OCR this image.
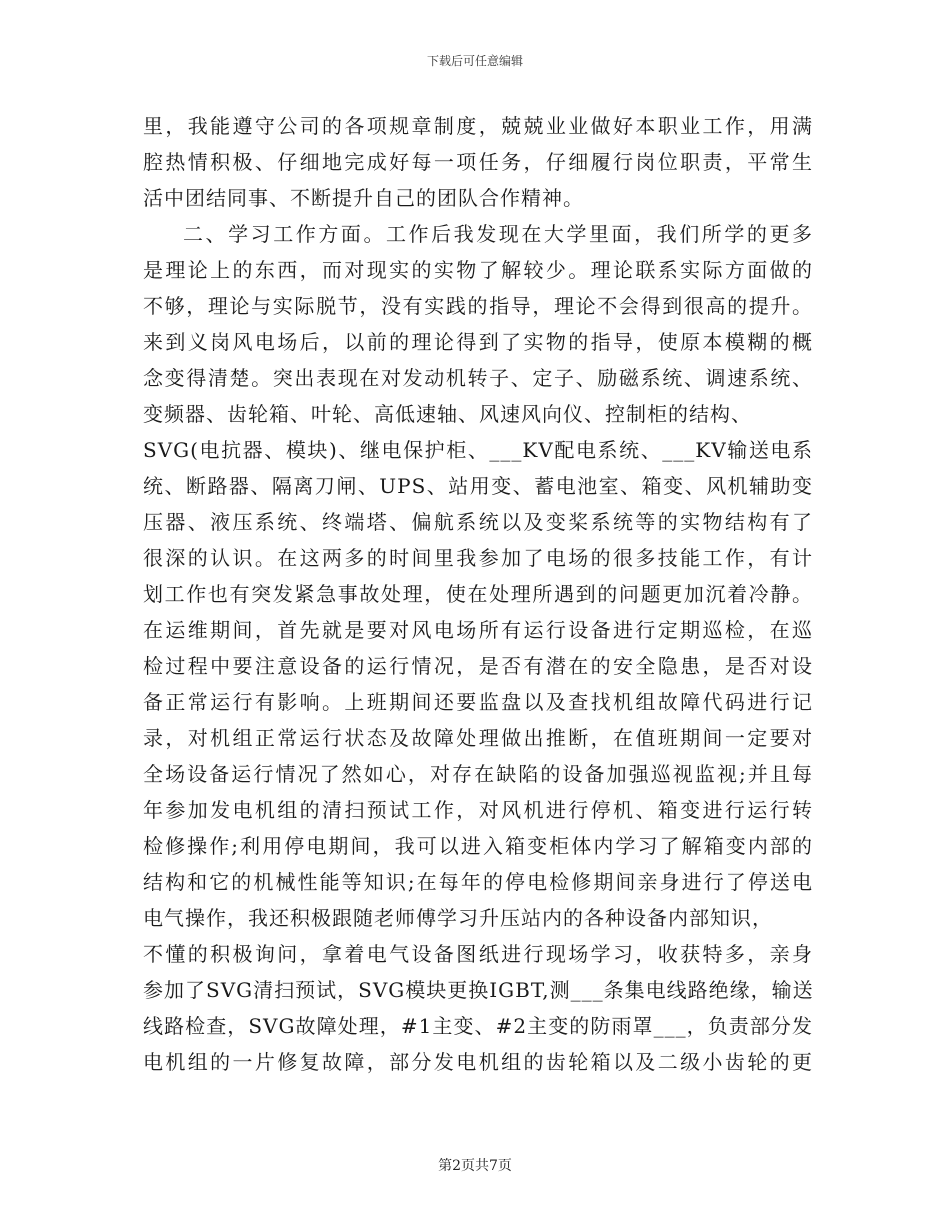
下载后可任意编辑
里，我能遵守公司的各项规章制度，兢兢业业做好本职业工作，用满
腔热情积极、仔细地完成好每一项任务，仔细履行岗位职责，平常生
活中团结同事、不断提升自己的团队合作精神。
二、学习工作方面。工作后我发现在大学里面，我们所学的更多
是理论上的东西，而对现实的实物了解较少。理论联系实际方面做的
不够，理论与实际脱节，没有实践的指导，理论不会得到很高的提升。
来到义岗风电场后，以前的理论得到了实物的指导，使原本模糊的概
念变得清楚。突出表现在对发动机转子、定子、励磁系统、调速系统、
变频器、齿轮箱、叶轮、高低速轴、风速风向仪、控制柜的结构、
SVG(电抗器、模块)、继电保护柜、___KV配电系统、___KV输送电系
统、断路器、隔离刀闸、UPS、站用变、蓄电池室、箱变、风机辅助变
压器、液压系统、终端塔、偏航系统以及变桨系统等的实物结构有了
很深的认识。在这两多的时间里我参加了电场的很多技能工作，有计
划工作也有突发紧急事故处理，使在处理所遇到的问题更加沉着冷静。
在运维期间，首先就是要对风电场所有运行设备进行定期巡检，在巡
检过程中要注意设备的运行情况，是否有潜在的安全隐患，是否对设
备正常运行有影响。上班期间还要监盘以及查找机组故障代码进行记
录，对机组正常运行状态及故障处理做出推断，在值班期间一定要对
全场设备运行情况了然如心，对存在缺陷的设备加强巡视监视;并且每
年参加发电机组的清扫预试工作，对风机进行停机、箱变进行运行转
检修操作;利用停电期间，我可以进入箱变柜体内学习了解箱变内部的
结构和它的机械性能等知识;在每年的停电检修期间亲身进行了停送电
电气操作，我还积极跟随老师傅学习升压站内的各种设备内部知识，
不懂的积极询问，拿着电气设备图纸进行现场学习，收获特多，亲身
参加了SVG清扫预试，SVG模块更换IGBT,测___条集电线路绝缘，输送
线路检查，SVG故障处理，#1主变、#2主变的防雨罩___，负责部分发
电机组的一片修复故障，部分发电机组的齿轮箱以及二级小齿轮的更
第2页共7页
